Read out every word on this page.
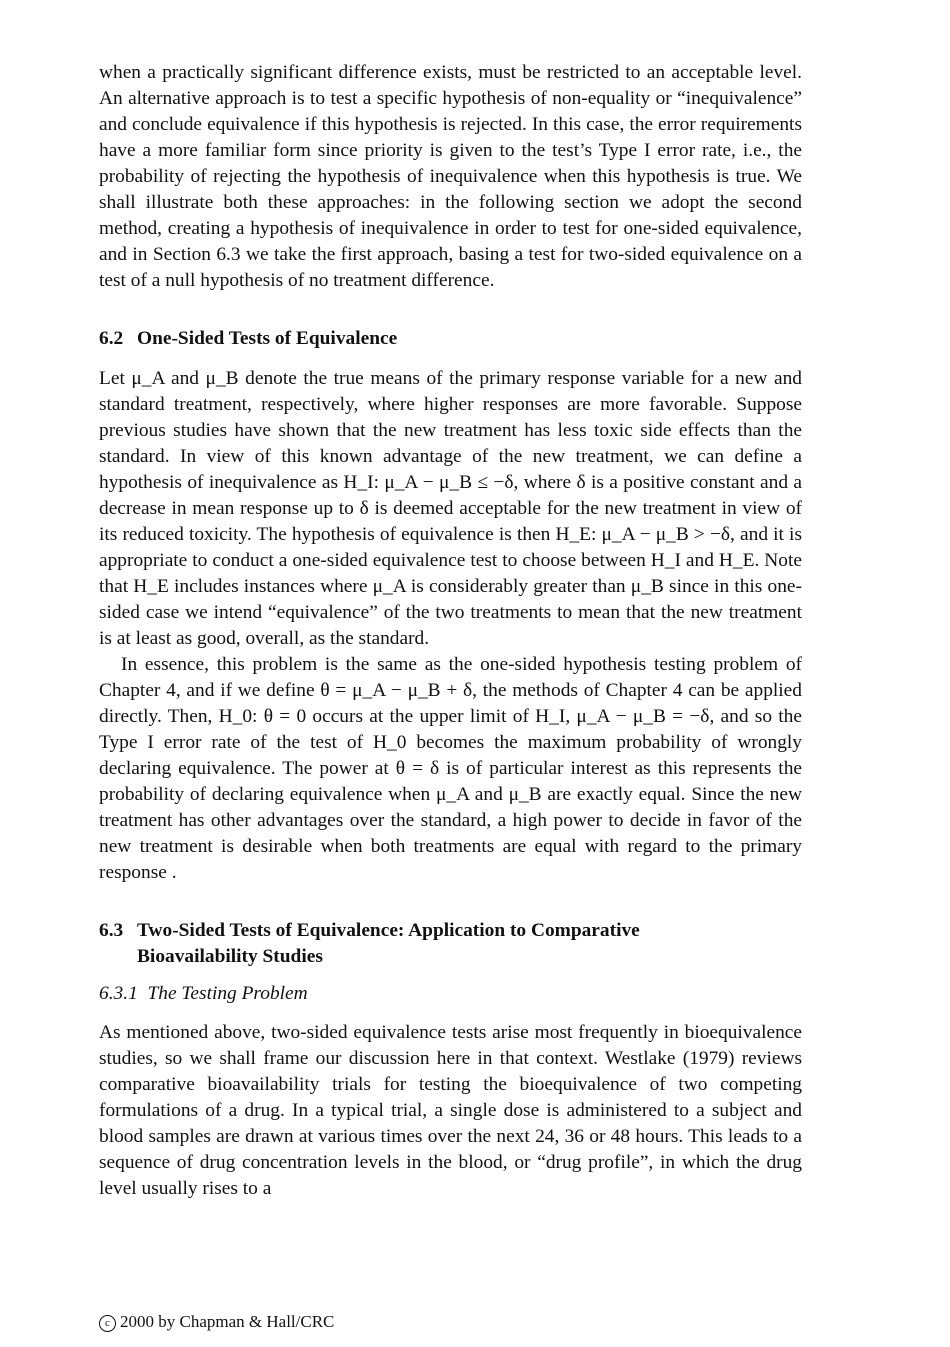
when a practically significant difference exists, must be restricted to an acceptable level. An alternative approach is to test a specific hypothesis of non-equality or “inequivalence” and conclude equivalence if this hypothesis is rejected. In this case, the error requirements have a more familiar form since priority is given to the test’s Type I error rate, i.e., the probability of rejecting the hypothesis of inequivalence when this hypothesis is true. We shall illustrate both these approaches: in the following section we adopt the second method, creating a hypothesis of inequivalence in order to test for one-sided equivalence, and in Section 6.3 we take the first approach, basing a test for two-sided equivalence on a test of a null hypothesis of no treatment difference.

6.2 One-Sided Tests of Equivalence

Let μ_A and μ_B denote the true means of the primary response variable for a new and standard treatment, respectively, where higher responses are more favorable. Suppose previous studies have shown that the new treatment has less toxic side effects than the standard. In view of this known advantage of the new treatment, we can define a hypothesis of inequivalence as H_I: μ_A − μ_B ≤ −δ, where δ is a positive constant and a decrease in mean response up to δ is deemed acceptable for the new treatment in view of its reduced toxicity. The hypothesis of equivalence is then H_E: μ_A − μ_B > −δ, and it is appropriate to conduct a one-sided equivalence test to choose between H_I and H_E. Note that H_E includes instances where μ_A is considerably greater than μ_B since in this one-sided case we intend “equivalence” of the two treatments to mean that the new treatment is at least as good, overall, as the standard.

In essence, this problem is the same as the one-sided hypothesis testing problem of Chapter 4, and if we define θ = μ_A − μ_B + δ, the methods of Chapter 4 can be applied directly. Then, H_0: θ = 0 occurs at the upper limit of H_I, μ_A − μ_B = −δ, and so the Type I error rate of the test of H_0 becomes the maximum probability of wrongly declaring equivalence. The power at θ = δ is of particular interest as this represents the probability of declaring equivalence when μ_A and μ_B are exactly equal. Since the new treatment has other advantages over the standard, a high power to decide in favor of the new treatment is desirable when both treatments are equal with regard to the primary response .

6.3 Two-Sided Tests of Equivalence: Application to Comparative
Bioavailability Studies
6.3.1 The Testing Problem

As mentioned above, two-sided equivalence tests arise most frequently in bioequivalence studies, so we shall frame our discussion here in that context. Westlake (1979) reviews comparative bioavailability trials for testing the bioequivalence of two competing formulations of a drug. In a typical trial, a single dose is administered to a subject and blood samples are drawn at various times over the next 24, 36 or 48 hours. This leads to a sequence of drug concentration levels in the blood, or “drug profile”, in which the drug level usually rises to a

c 2000 by Chapman & Hall/CRC
